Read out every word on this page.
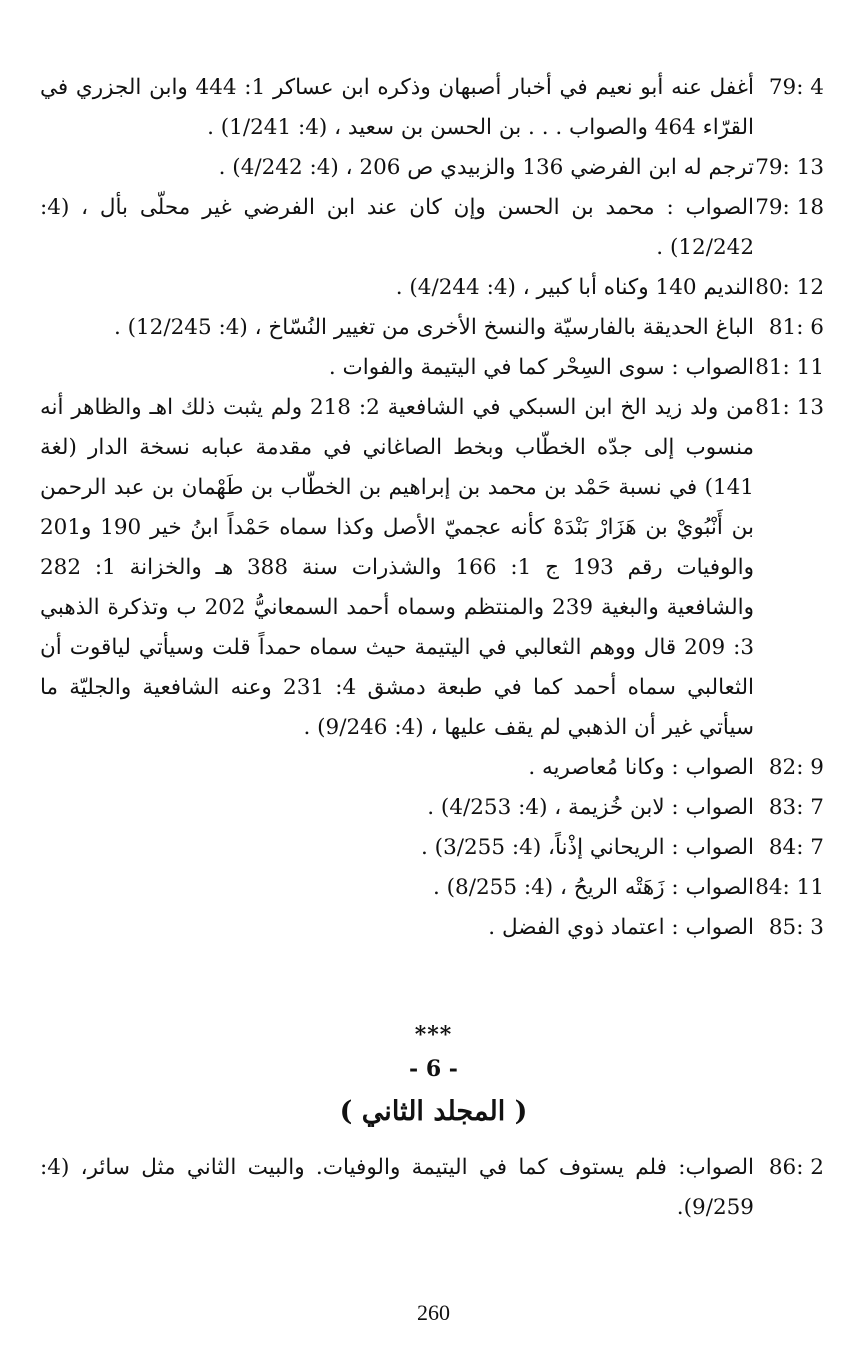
79: 4
أغفل عنه أبو نعيم في أخبار أصبهان وذكره ابن عساكر 1: 444 وابن الجزري في القرّاء 464 والصواب . . . بن الحسن بن سعيد ، (4: 1/241) .
79: 13
ترجم له ابن الفرضي 136 والزبيدي ص 206 ، (4: 4/242) .
79: 18
الصواب : محمد بن الحسن وإن كان عند ابن الفرضي غير محلّى بأل ، (4: 12/242) .
80: 12
النديم 140 وكناه أبا كبير ، (4: 4/244) .
81: 6
الباغ الحديقة بالفارسيّة والنسخ الأخرى من تغيير النُسّاخ ، (4: 12/245) .
81: 11
الصواب : سوى السِحْر كما في اليتيمة والفوات .
81: 13
من ولد زيد الخ ابن السبكي في الشافعية 2: 218 ولم يثبت ذلك اهـ والظاهر أنه منسوب إلى جدّه الخطّاب وبخط الصاغاني في مقدمة عبابه نسخة الدار (لغة 141) في نسبة حَمْد بن محمد بن إبراهيم بن الخطّاب بن طَهْمان بن عبد الرحمن بن أَنْبُويْ بن هَزَارْ بَنْدَهْ كأنه عجميّ الأصل وكذا سماه حَمْداً ابنُ خير 190 و201 والوفيات رقم 193 ج 1: 166 والشذرات سنة 388 هـ والخزانة 1: 282 والشافعية والبغية 239 والمنتظم وسماه أحمد السمعانيُّ 202 ب وتذكرة الذهبي 3: 209 قال ووهم الثعالبي في اليتيمة حيث سماه حمداً قلت وسيأتي لياقوت أن الثعالبي سماه أحمد كما في طبعة دمشق 4: 231 وعنه الشافعية والجليّة ما سيأتي غير أن الذهبي لم يقف عليها ، (4: 9/246) .
82: 9
الصواب : وكانا مُعاصريه .
83: 7
الصواب : لابن خُزيمة ، (4: 4/253) .
84: 7
الصواب : الريحاني إذْناً، (4: 3/255) .
84: 11
الصواب : زَهَتْه الريحُ ، (4: 8/255) .
85: 3
الصواب : اعتماد ذوي الفضل .
***
- 6 -
( المجلد الثاني )
86: 2
الصواب: فلم يستوف كما في اليتيمة والوفيات. والبيت الثاني مثل سائر، (4: 9/259).
260
